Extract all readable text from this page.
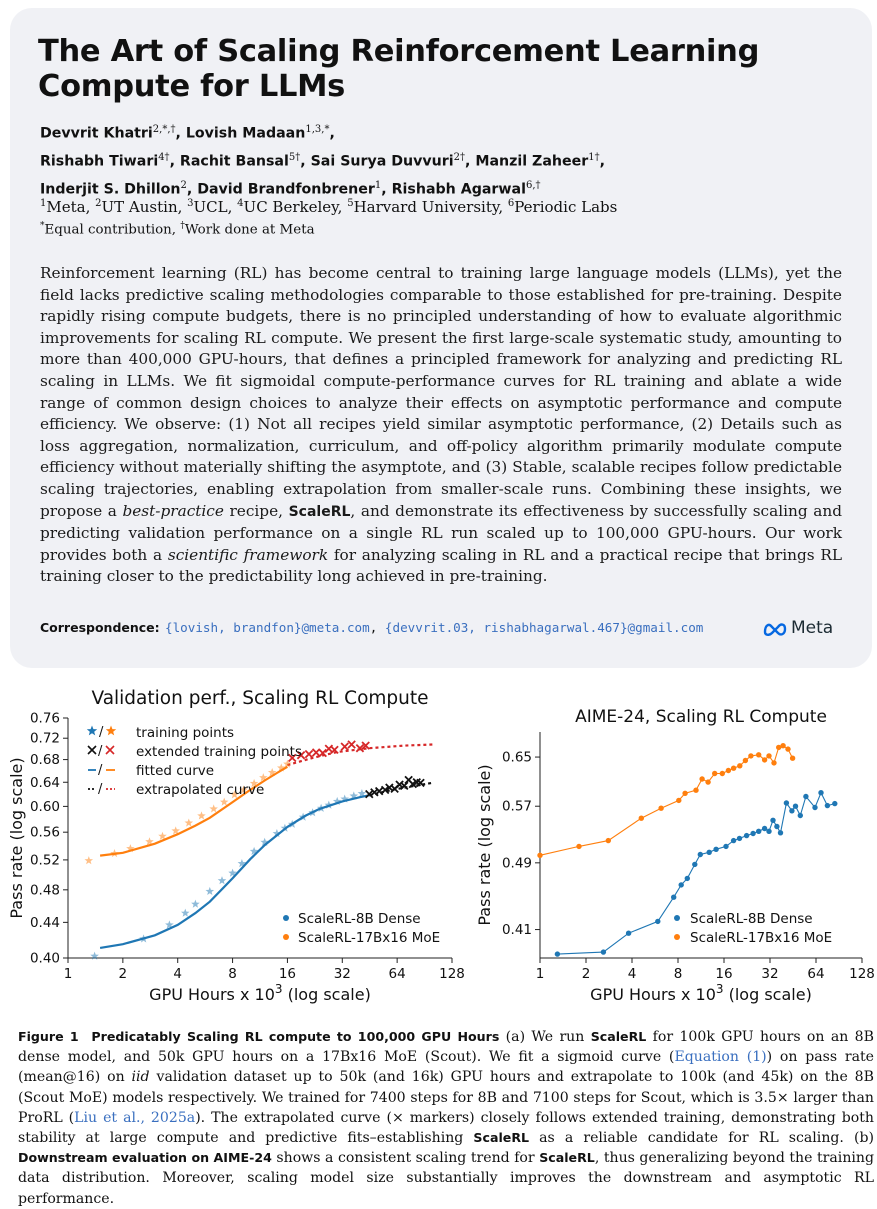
The Art of Scaling Reinforcement Learning Compute for LLMs
Devvrit Khatri$^{2,*,\dagger}$, Lovish Madaan$^{1,3,*}$,
Rishabh Tiwari$^{4\dagger}$, Rachit Bansal$^{5\dagger}$, Sai Surya Duvvuri$^{2\dagger}$, Manzil Zaheer$^{1\dagger}$,
Inderjit S. Dhillon$^2$, David Brandfonbrener$^1$, Rishabh Agarwal$^{6,\dagger}$
$^1$Meta, $^2$UT Austin, $^3$UCL, $^4$UC Berkeley, $^5$Harvard University, $^6$Periodic Labs
*Equal contribution, †Work done at Meta

Reinforcement learning (RL) has become central to training large language models (LLMs), yet the field lacks predictive scaling methodologies comparable to those established for pre-training. Despite rapidly rising compute budgets, there is no principled understanding of how to evaluate algorithmic improvements for scaling RL compute. We present the first large-scale systematic study, amounting to more than 400,000 GPU-hours, that defines a principled framework for analyzing and predicting RL scaling in LLMs. We fit sigmoidal compute-performance curves for RL training and ablate a wide range of common design choices to analyze their effects on asymptotic performance and compute efficiency. We observe: (1) Not all recipes yield similar asymptotic performance, (2) Details such as loss aggregation, normalization, curriculum, and off-policy algorithm primarily modulate compute efficiency without materially shifting the asymptote, and (3) Stable, scalable recipes follow predictable scaling trajectories, enabling extrapolation from smaller-scale runs. Combining these insights, we propose a best-practice recipe, ScaleRL, and demonstrate its effectiveness by successfully scaling and predicting validation performance on a single RL run scaled up to 100,000 GPU-hours. Our work provides both a scientific framework for analyzing scaling in RL and a practical recipe that brings RL training closer to the predictability long achieved in pre-training.

Correspondence: {lovish, brandfon}@meta.com, {devvrit.03, rishabhagarwal.467}@gmail.com	Meta
1	2	4	8	16	32	64 128
0.40
0.44
0.48
0.52
0.56
0.60
0.64
0.68
0.72
0.76
Validation perf., Scaling RL Compute
GPU Hours x $10^3$ (log scale)
Pass rate (log scale)
/ training points
/ extended training points
/ fitted curve
/ extrapolated curve
ScaleRL-8B Dense
ScaleRL-17Bx16 MoE
1	2	4	8 16 32 64 128
0.41
0.49
0.57
0.65
AIME-24, Scaling RL Compute
GPU Hours x $10^3$ (log scale)
Pass rate (log scale)	ScaleRL-8B Dense
ScaleRL-17Bx16 MoE

Figure 1 Predicatably Scaling RL compute to 100,000 GPU Hours (a) We run ScaleRL for 100k GPU hours on an 8B dense model, and 50k GPU hours on a 17Bx16 MoE (Scout). We fit a sigmoid curve (Equation (1)) on pass rate (mean@16) on iid validation dataset up to 50k (and 16k) GPU hours and extrapolate to 100k (and 45k) on the 8B (Scout MoE) models respectively. We trained for 7400 steps for 8B and 7100 steps for Scout, which is 3.5× larger than ProRL (Liu et al., 2025a). The extrapolated curve (× markers) closely follows extended training, demonstrating both stability at large compute and predictive fits–establishing ScaleRL as a reliable candidate for RL scaling. (b) Downstream evaluation on AIME-24 shows a consistent scaling trend for ScaleRL, thus generalizing beyond the training data distribution. Moreover, scaling model size substantially improves the downstream and asymptotic RL performance.
